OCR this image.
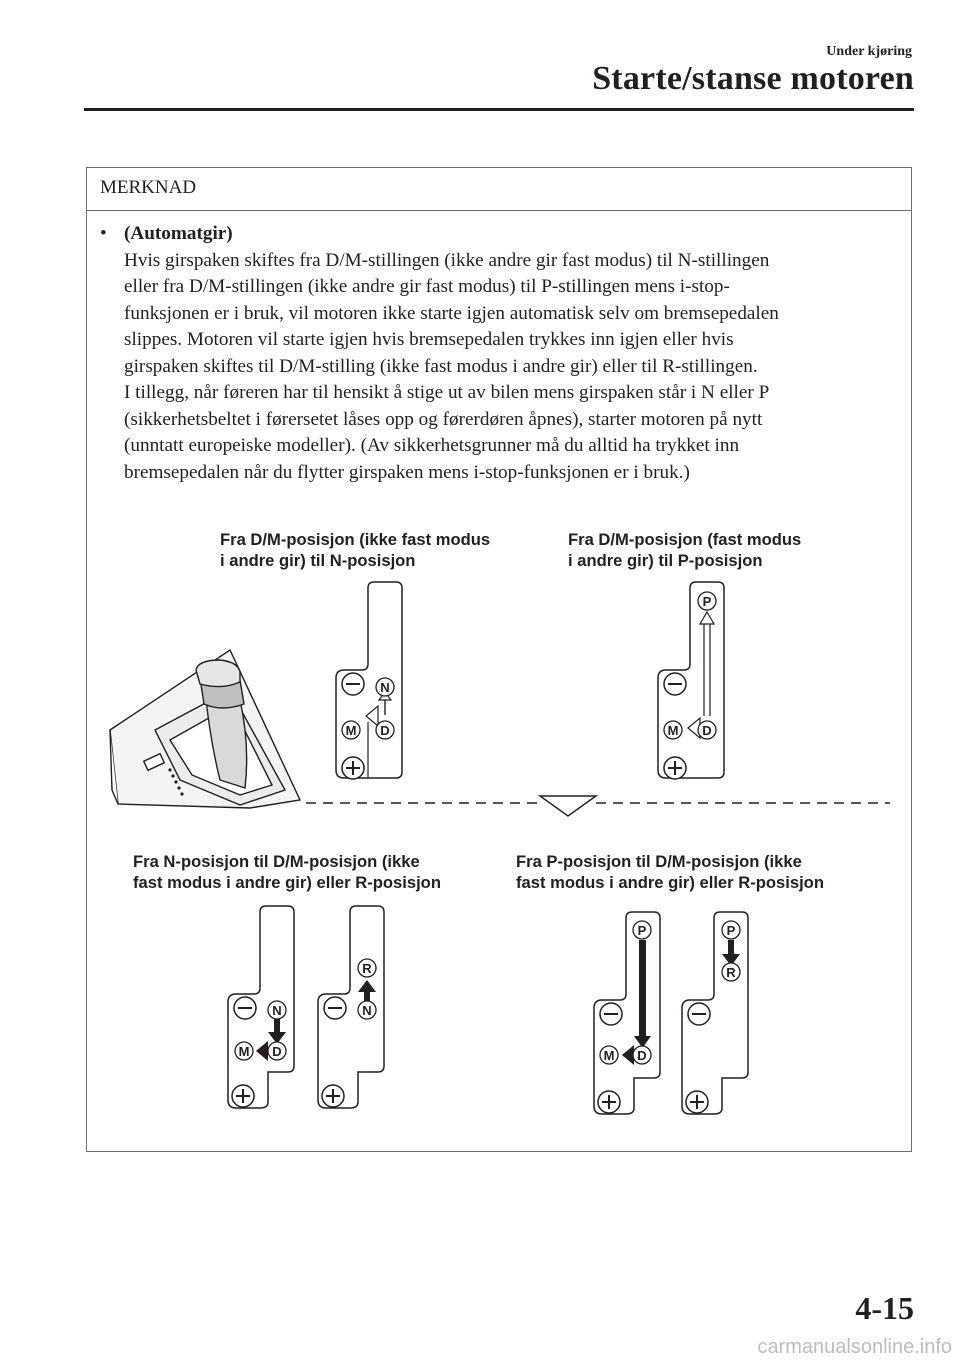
Under kjøring
Starte/stanse motoren
MERKNAD
• (Automatgir)

Hvis girspaken skiftes fra D/M-stillingen (ikke andre gir fast modus) til N-stillingen

eller fra D/M-stillingen (ikke andre gir fast modus) til P-stillingen mens i-stop-

funksjonen er i bruk, vil motoren ikke starte igjen automatisk selv om bremsepedalen

slippes. Motoren vil starte igjen hvis bremsepedalen trykkes inn igjen eller hvis

girspaken skiftes til D/M-stilling (ikke fast modus i andre gir) eller til R-stillingen.

I tillegg, når føreren har til hensikt å stige ut av bilen mens girspaken står i N eller P

(sikkerhetsbeltet i førersetet låses opp og førerdøren åpnes), starter motoren på nytt

(unntatt europeiske modeller). (Av sikkerhetsgrunner må du alltid ha trykket inn

bremsepedalen når du flytter girspaken mens i-stop-funksjonen er i bruk.)

Fra D/M-posisjon (ikke fast modus
i andre gir) til N-posisjon
Fra D/M-posisjon (fast modus
i andre gir) til P-posisjon
Fra N-posisjon til D/M-posisjon (ikke
fast modus i andre gir) eller R-posisjon
Fra P-posisjon til D/M-posisjon (ikke
fast modus i andre gir) eller R-posisjon
N
D
M
P
D
M
N
D
M
R
N
P
D
M
P
R
4-15
carmanualsonline.info
